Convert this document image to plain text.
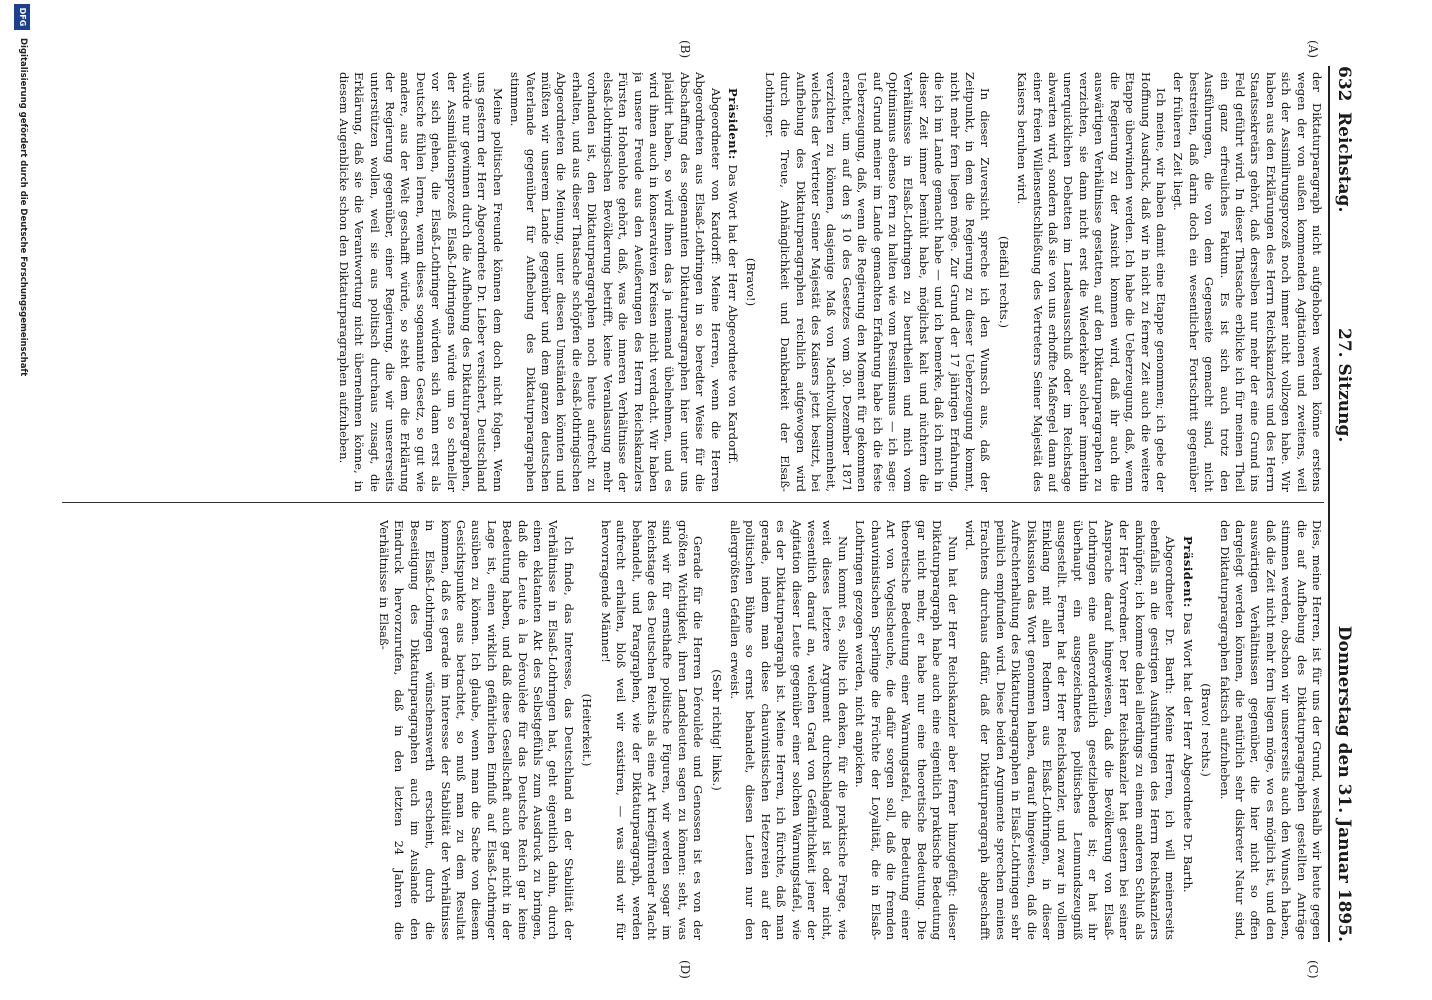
632
Reichstag.
27. Sitzung.
Donnerstag den 31. Januar 1895.
(A)
(B)
(C)
(D)

der Diktaturparagraph nicht aufgehoben werden könne erstens wegen der von außen kommenden Agitationen und zweitens, weil sich der Assimilirungsprozeß noch immer nicht vollzogen habe. Wir haben aus den Erklärungen des Herrn Reichskanzlers und des Herrn Staatssekretärs gehört, daß derselben nur mehr der eine Grund ins Feld geführt wird. In dieser Thatsache erblicke ich für meinen Theil ein ganz erfreuliches Faktum. Es ist sich auch trotz den Ausführungen, die von dem Gegenseite gemacht sind, nicht bestreiten, daß darin doch ein wesentlicher Fortschritt gegenüber der früheren Zeit liegt.

Ich meine, wir haben damit eine Etappe genommen; ich gebe der Hoffnung Ausdruck, daß wir in nicht zu ferner Zeit auch die weitere Etappe überwinden werden. Ich habe die Ueberzeugung, daß, wenn die Regierung zu der Ansicht kommen wird, daß ihr auch die auswärtigen Verhältnisse gestatten, auf den Diktaturparagraphen zu verzichten, sie dann nicht erst die Wiederkehr solcher immerhin unerquicklichen Debatten im Landesausschuß oder im Reichstage abwarten wird, sondern daß sie von uns erhoffte Maßregel dann auf einer freien Willensentschließung des Vertreters Seiner Majestät des Kaisers beruhen wird.

(Beifall rechts.)

In dieser Zuversicht spreche ich den Wunsch aus, daß der Zeitpunkt, in dem die Regierung zu dieser Ueberzeugung kommt, nicht mehr fern liegen möge. Zur Grund der 17 jährigen Erfahrung, die ich im Lande gemacht habe — und ich bemerke, daß ich mich in dieser Zeit immer bemüht habe, möglichst kalt und nüchtern die Verhältnisse in Elsaß-Lothringen zu beurtheilen und mich vom Optimismus ebenso fern zu halten wie vom Pessimismus — ich sage: auf Grund meiner im Lande gemachten Erfahrung habe ich die feste Ueberzeugung, daß, wenn die Regierung den Moment für gekommen erachtet, um auf den § 10 des Gesetzes vom 30. Dezember 1871 verzichten zu können, dasjenige Maß von Machtvollkommenheit, welches der Vertreter Seiner Majestät des Kaisers jetzt besitzt, bei Aufhebung des Diktaturparagraphen reichlich aufgewogen wird durch die Treue, Anhänglichkeit und Dankbarkeit der Elsaß-Lothringer.

(Bravo!)

Präsident: Das Wort hat der Herr Abgeordnete von Kardorff.

Abgeordneter von Kardorff: Meine Herren, wenn die Herren Abgeordneten aus Elsaß-Lothringen in so beredter Weise für die Abschaffung des sogenannten Diktaturparagraphen hier unter uns plaidirt haben, so wird ihnen das ja niemand übelnehmen, und es wird ihnen auch in konservativen Kreisen nicht verdacht. Wir haben ja unsere Freude aus den Aeußerungen des Herrn Reichskanzlers Fürsten Hohenlohe gehört, daß, was die inneren Verhältnisse der elsaß-lothringischen Bevölkerung betrifft, keine Veranlassung mehr vorhanden ist, den Diktaturparagraphen noch heute aufrecht zu erhalten, und aus dieser Thatsache schöpfen die elsaß-lothringischen Abgeordneten die Meinung, unter diesen Umständen könnten und müßten wir unserem Lande gegenüber und dem ganzen deutschen Vaterlande gegenüber für Aufhebung des Diktaturparagraphen stimmen.

Meine politischen Freunde können dem doch nicht folgen. Wenn uns gestern der Herr Abgeordnete Dr. Lieber versichert, Deutschland würde nur gewinnen durch die Aufhebung des Diktaturparagraphen, der Assimilationsprozeß Elsaß-Lothringens würde um so schneller vor sich gehen, die Elsaß-Lothringer würden sich dann erst als Deutsche fühlen lernen, wenn dieses sogenannte Gesetz, so gut wie andere, aus der Welt geschafft würde, so steht dem die Erklärung der Regierung gegenüber, einer Regierung, die wir unsererseits unterstützen wollen, weil sie aus politisch durchaus zusagt, die Erklärung, daß sie die Verantwortung nicht übernehmen könne, in diesem Augenblicke schon den Diktaturparagraphen aufzuheben.

Dies, meine Herren, ist für uns der Grund, weshalb wir heute gegen die auf Aufhebung des Diktaturparagraphen gestellten Anträge stimmen werden, obschon wir unsererseits auch den Wunsch haben, daß die Zeit nicht mehr fern liegen möge, wo es möglich ist, und den auswärtigen Verhältnissen gegenüber, die hier nicht so offen dargelegt werden können, die natürlich sehr diskreter Natur sind, den Diktaturparagraphen faktisch aufzuheben.

(Bravo! rechts.)

Präsident: Das Wort hat der Herr Abgeordnete Dr. Barth.

Abgeordneter Dr. Barth: Meine Herren, ich will meinerseits ebenfalls an die gestrigen Ausführungen des Herrn Reichskanzlers anknüpfen; ich komme dabei allerdings zu einem anderen Schluß als der Herr Vorredner. Der Herr Reichskanzler hat gestern bei seiner Ansprache darauf hingewiesen, daß die Bevölkerung von Elsaß-Lothringen eine außerordentlich gesetzliebende ist; er hat ihr überhaupt ein ausgezeichnetes politisches Leumundszeugniß ausgestellt. Ferner hat der Herr Reichskanzler, und zwar in vollem Einklang mit allen Rednern aus Elsaß-Lothringen, in dieser Diskussion das Wort genommen haben, darauf hingewiesen, daß die Aufrechterhaltung des Diktaturparagraphen in Elsaß-Lothringen sehr peinlich empfunden wird. Diese beiden Argumente sprechen meines Erachtens durchaus dafür, daß der Diktaturparagraph abgeschafft wird.

Nun hat der Herr Reichskanzler aber ferner hinzugefügt: dieser Diktaturparagraph habe auch eine eigentlich praktische Bedeutung gar nicht mehr, er habe nur eine theoretische Bedeutung. Die theoretische Bedeutung einer Warnungstafel, die Bedeutung einer Art von Vogelscheuche, die dafür sorgen soll, daß die fremden chauvinistischen Sperlinge die Früchte der Loyalität, die in Elsaß-Lothringen gezogen werden, nicht anpicken.

Nun kommt es, sollte ich denken, für die praktische Frage, wie weit dieses letztere Argument durchschlagend ist oder nicht, wesentlich darauf an, welchen Grad von Gefährlichkeit jener der Agitation dieser Leute gegenüber einer solchen Warnungstafel, wie es der Diktaturparagraph ist. Meine Herren, ich fürchte, daß man gerade, indem man diese chauvinistischen Hetzereien auf der politischen Bühne so ernst behandelt, diesen Leuten nur den allergrößten Gefallen erweist.

(Sehr richtig! links.)

Gerade für die Herren Déroulède und Genossen ist es von der größten Wichtigkeit, ihren Landsleuten sagen zu können: seht, was sind wir für ernsthafte politische Figuren, wir werden sogar im Reichstage des Deutschen Reichs als eine Art kriegführender Macht behandelt, und Paragraphen, wie der Diktaturparagraph, werden aufrecht erhalten, bloß weil wir existiren, — was sind wir für hervorragende Männer!

(Heiterkeit.)

Ich finde, das Interesse, das Deutschland an der Stabilität der Verhältnisse in Elsaß-Lothringen hat, geht eigentlich dahin, durch einen eklatanten Akt des Selbstgefühls zum Ausdruck zu bringen, daß die Leute à la Déroulède für das Deutsche Reich gar keine Bedeutung haben, und daß diese Gesellschaft auch gar nicht in der Lage ist, einen wirklich gefährlichen Einfluß auf Elsaß-Lothringer ausüben zu können. Ich glaube, wenn man die Sache von diesem Gesichtspunkte aus betrachtet, so muß man zu dem Resultat kommen, daß es gerade im Interesse der Stabilität der Verhältnisse in Elsaß-Lothringen wünschenswerth erscheint, durch die Beseitigung des Diktaturparagraphen auch im Auslande den Eindruck hervorzurufen, daß in den letzten 24 Jahren die Verhältnisse in Elsaß-

DFG
Digitalisierung gefördert durch die Deutsche Forschungsgemeinschaft
